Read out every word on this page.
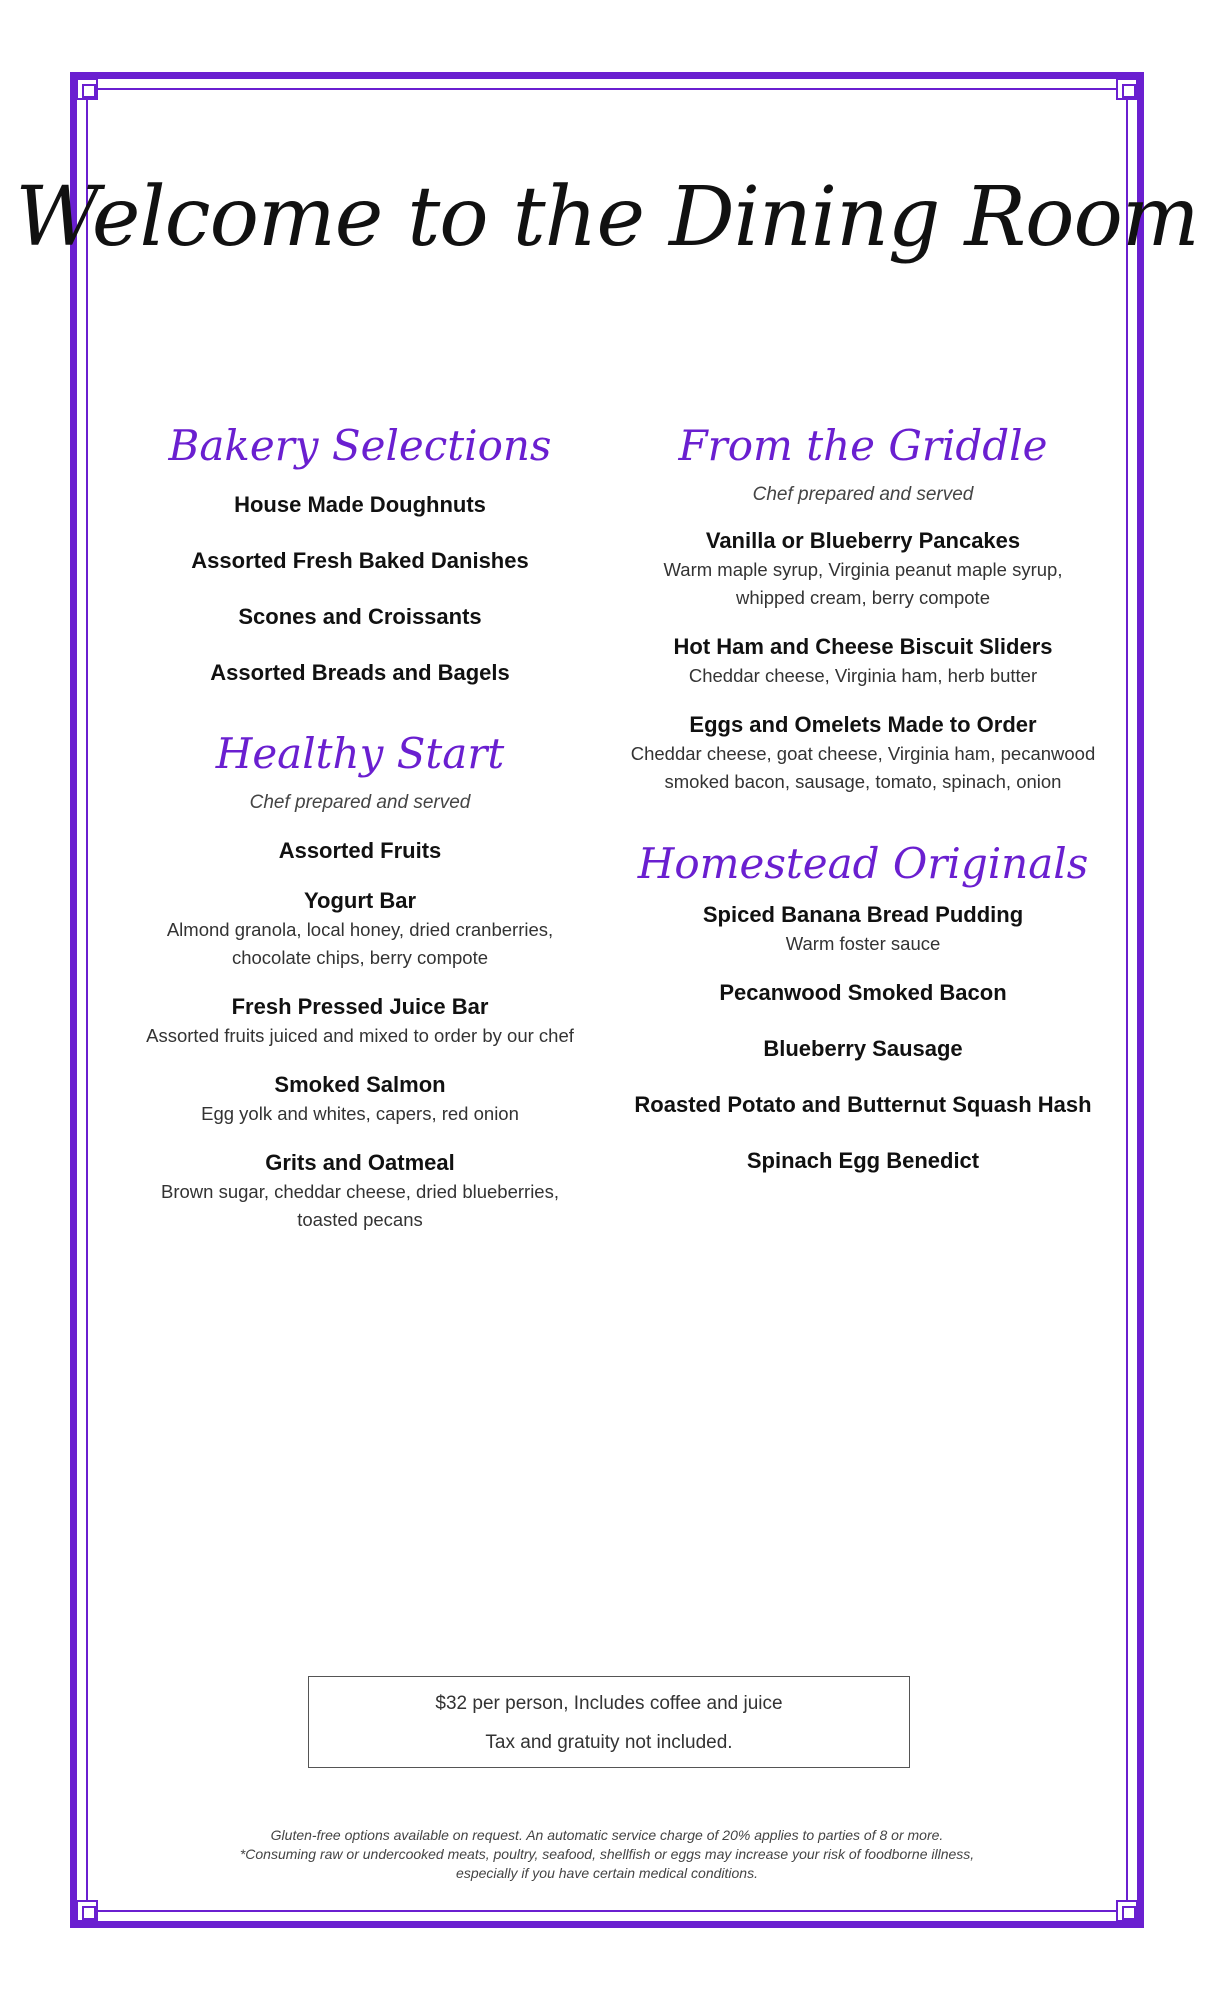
Welcome to the Dining Room
Bakery Selections
House Made Doughnuts
Assorted Fresh Baked Danishes
Scones and Croissants
Assorted Breads and Bagels
Healthy Start
Chef prepared and served
Assorted Fruits
Yogurt Bar
Almond granola, local honey, dried cranberries,
chocolate chips, berry compote
Fresh Pressed Juice Bar
Assorted fruits juiced and mixed to order by our chef
Smoked Salmon
Egg yolk and whites, capers, red onion
Grits and Oatmeal
Brown sugar, cheddar cheese, dried blueberries,
toasted pecans
From the Griddle
Chef prepared and served
Vanilla or Blueberry Pancakes
Warm maple syrup, Virginia peanut maple syrup,
whipped cream, berry compote
Hot Ham and Cheese Biscuit Sliders
Cheddar cheese, Virginia ham, herb butter
Eggs and Omelets Made to Order
Cheddar cheese, goat cheese, Virginia ham, pecanwood
smoked bacon, sausage, tomato, spinach, onion
Homestead Originals
Spiced Banana Bread Pudding
Warm foster sauce
Pecanwood Smoked Bacon
Blueberry Sausage
Roasted Potato and Butternut Squash Hash
Spinach Egg Benedict
$32 per person, Includes coffee and juice
Tax and gratuity not included.
Gluten-free options available on request. An automatic service charge of 20% applies to parties of 8 or more.
*Consuming raw or undercooked meats, poultry, seafood, shellfish or eggs may increase your risk of foodborne illness,
especially if you have certain medical conditions.
